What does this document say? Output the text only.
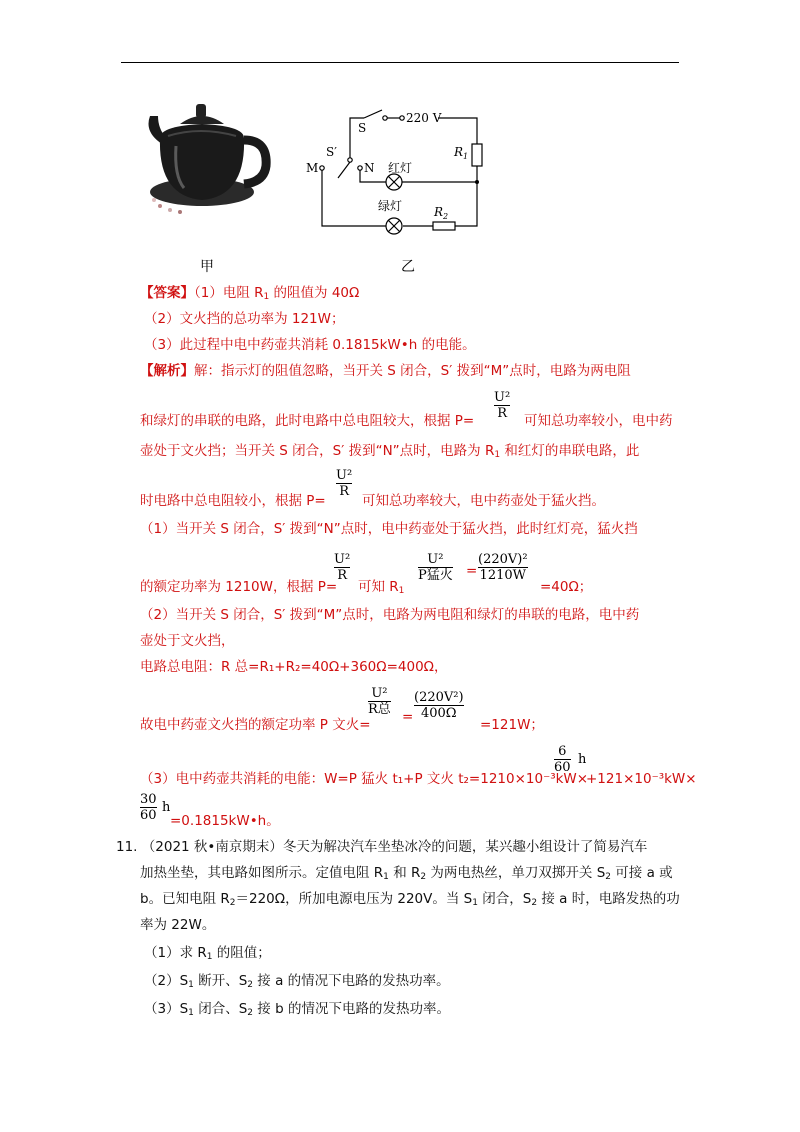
甲
S
220 V
S′
M	N
$R_1$
$R_2$
红灯
绿灯
乙
【答案】（1）电阻 $R_1$ 的阻值为 40Ω
（2）文火挡的总功率为 121W；
（3）此过程中电中药壶共消耗 0.1815kW•h 的电能。
【解析】解：指示灯的阻值忽略，当开关 S 闭合，S′ 拨到“M”点时，电路为两电阻
和绿灯的串联的电路，此时电路中总电阻较大，根据 P=
U²
R 可知总功率较小，电中药
壶处于文火挡；当开关 S 闭合，S′ 拨到“N”点时，电路为 $R_1$ 和红灯的串联电路，此
时电路中总电阻较小，根据 P=
U²
R
可知总功率较大，电中药壶处于猛火挡。
（1）当开关 S 闭合，S′ 拨到“N”点时，电中药壶处于猛火挡，此时红灯亮，猛火挡
的额定功率为 1210W，根据 P=
U²
R
可知 $R_1$
U²
P猛火 =
(220V)²
1210W
=40Ω；
（2）当开关 S 闭合，S′ 拨到“M”点时，电路为两电阻和绿灯的串联的电路，电中药
壶处于文火挡，
电路总电阻：R 总=R₁+R₂=40Ω+360Ω=400Ω，
故电中药壶文火挡的额定功率 P 文火=
U²
R总 =
(220V²)
400Ω
=121W；
（3）电中药壶共消耗的电能：W=P 猛火 t₁+P 文火 t₂=1210×10⁻³kW×
6
60
h
+121×10⁻³kW×
30
60
h
=0.1815kW•h。
11. （2021 秋•南京期末）冬天为解决汽车坐垫冰冷的问题，某兴趣小组设计了简易汽车
加热坐垫，其电路如图所示。定值电阻 $R_1$ 和 $R_2$ 为两电热丝，单刀双掷开关 $S_2$ 可接 a 或
b。已知电阻 $R_2=220\Omega$，所加电源电压为 220V。当 $S_1$ 闭合，$S_2$ 接 a 时，电路发热的功
率为 22W。
（1）求 $R_1$ 的阻值；
$(2)S_1$ 断开、$S_2$ 接 a 的情况下电路的发热功率。
$(3)S_1$ 闭合、$S_2$ 接 b 的情况下电路的发热功率。
